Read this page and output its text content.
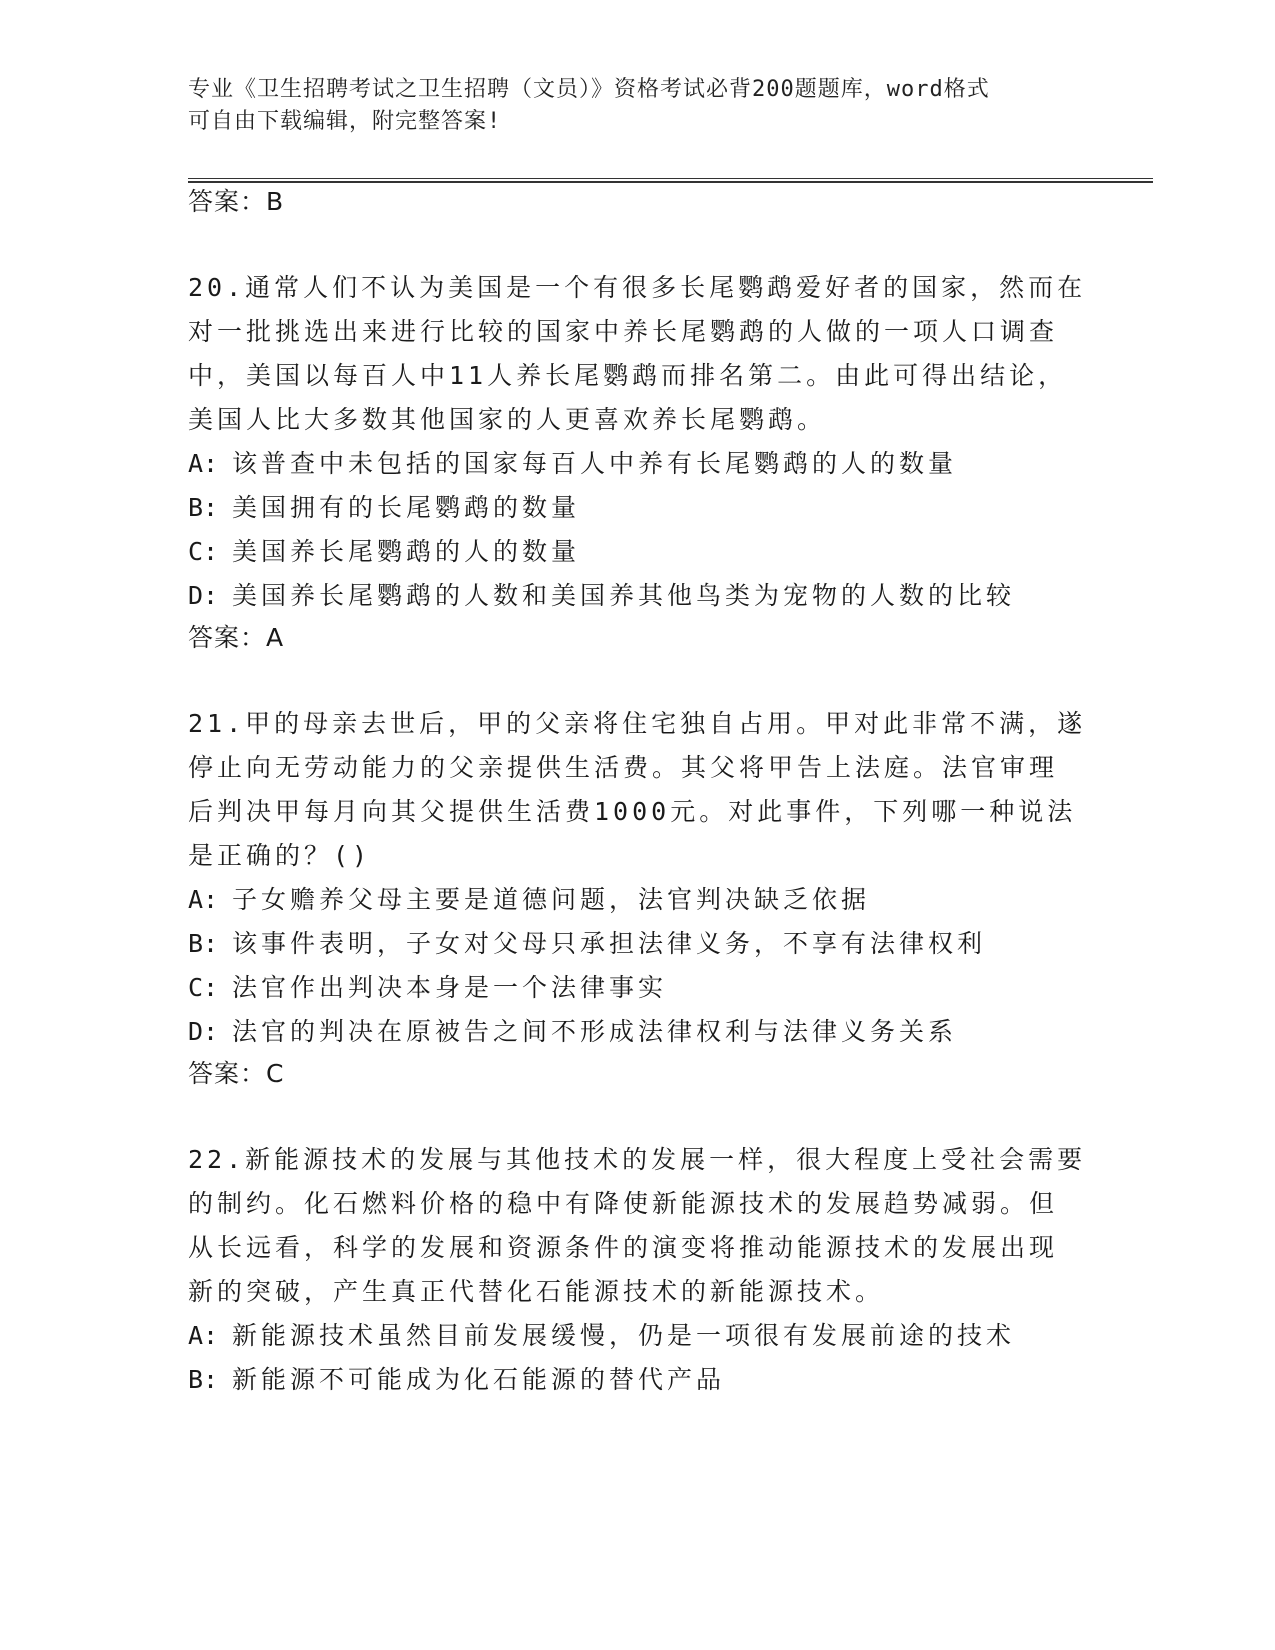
专业《卫生招聘考试之卫生招聘（文员）》资格考试必背200题题库，word格式
可自由下载编辑，附完整答案!
答案：B
20.通常人们不认为美国是一个有很多长尾鹦鹉爱好者的国家，然而在
对一批挑选出来进行比较的国家中养长尾鹦鹉的人做的一项人口调查
中，美国以每百人中11人养长尾鹦鹉而排名第二。由此可得出结论，
美国人比大多数其他国家的人更喜欢养长尾鹦鹉。
A: 该普查中未包括的国家每百人中养有长尾鹦鹉的人的数量
B: 美国拥有的长尾鹦鹉的数量
C: 美国养长尾鹦鹉的人的数量
D: 美国养长尾鹦鹉的人数和美国养其他鸟类为宠物的人数的比较
答案：A
21.甲的母亲去世后，甲的父亲将住宅独自占用。甲对此非常不满，遂
停止向无劳动能力的父亲提供生活费。其父将甲告上法庭。法官审理
后判决甲每月向其父提供生活费1000元。对此事件，下列哪一种说法
是正确的？()
A: 子女赡养父母主要是道德问题，法官判决缺乏依据
B: 该事件表明，子女对父母只承担法律义务，不享有法律权利
C: 法官作出判决本身是一个法律事实
D: 法官的判决在原被告之间不形成法律权利与法律义务关系
答案：C
22.新能源技术的发展与其他技术的发展一样，很大程度上受社会需要
的制约。化石燃料价格的稳中有降使新能源技术的发展趋势减弱。但
从长远看，科学的发展和资源条件的演变将推动能源技术的发展出现
新的突破，产生真正代替化石能源技术的新能源技术。
A: 新能源技术虽然目前发展缓慢，仍是一项很有发展前途的技术
B: 新能源不可能成为化石能源的替代产品
